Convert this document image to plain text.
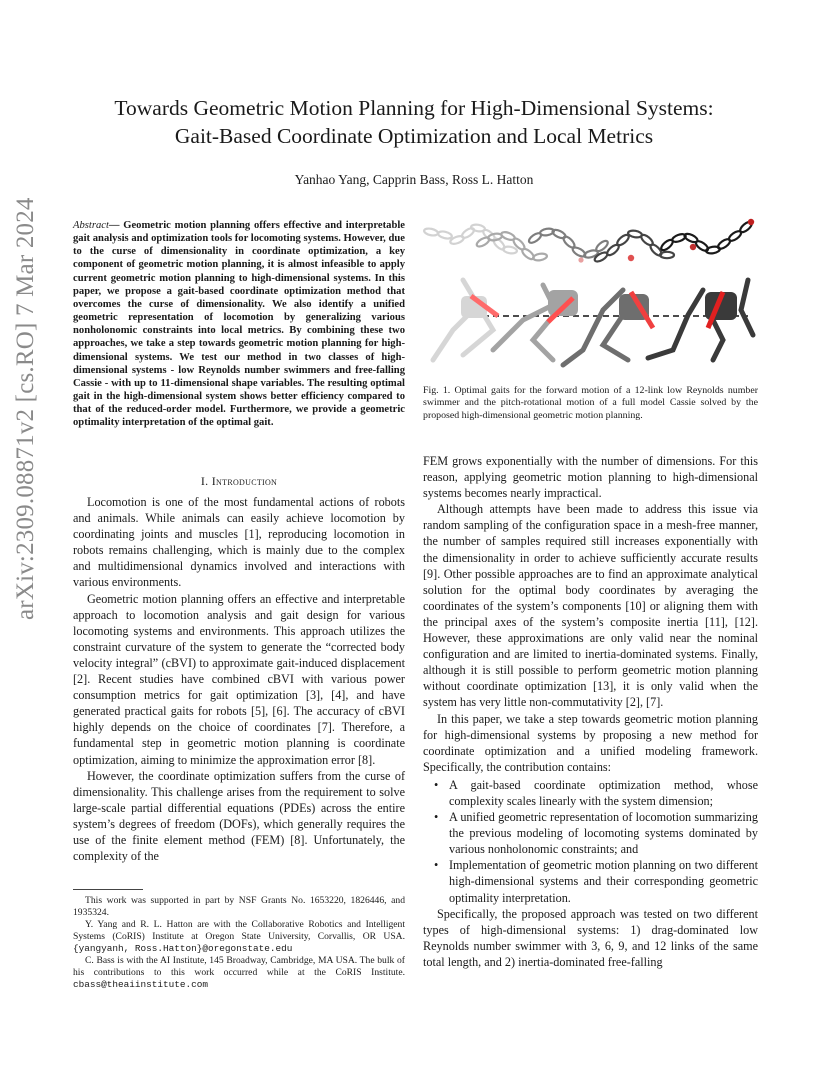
arXiv:2309.08871v2 [cs.RO] 7 Mar 2024
Towards Geometric Motion Planning for High-Dimensional Systems:
Gait-Based Coordinate Optimization and Local Metrics
Yanhao Yang, Capprin Bass, Ross L. Hatton
Abstract— Geometric motion planning offers effective and interpretable gait analysis and optimization tools for locomoting systems. However, due to the curse of dimensionality in coordinate optimization, a key component of geometric motion planning, it is almost infeasible to apply current geometric motion planning to high-dimensional systems. In this paper, we propose a gait-based coordinate optimization method that overcomes the curse of dimensionality. We also identify a unified geometric representation of locomotion by generalizing various nonholonomic constraints into local metrics. By combining these two approaches, we take a step towards geometric motion planning for high-dimensional systems. We test our method in two classes of high-dimensional systems - low Reynolds number swimmers and free-falling Cassie - with up to 11-dimensional shape variables. The resulting optimal gait in the high-dimensional system shows better efficiency compared to that of the reduced-order model. Furthermore, we provide a geometric optimality interpretation of the optimal gait.
I. Introduction

Locomotion is one of the most fundamental actions of robots and animals. While animals can easily achieve locomotion by coordinating joints and muscles [1], reproducing locomotion in robots remains challenging, which is mainly due to the complex and multidimensional dynamics involved and interactions with various environments.

Geometric motion planning offers an effective and interpretable approach to locomotion analysis and gait design for various locomoting systems and environments. This approach utilizes the constraint curvature of the system to generate the “corrected body velocity integral” (cBVI) to approximate gait-induced displacement [2]. Recent studies have combined cBVI with various power consumption metrics for gait optimization [3], [4], and have generated practical gaits for robots [5], [6]. The accuracy of cBVI highly depends on the choice of coordinates [7]. Therefore, a fundamental step in geometric motion planning is coordinate optimization, aiming to minimize the approximation error [8].

However, the coordinate optimization suffers from the curse of dimensionality. This challenge arises from the requirement to solve large-scale partial differential equations (PDEs) across the entire system’s degrees of freedom (DOFs), which generally requires the use of the finite element method (FEM) [8]. Unfortunately, the complexity of the

This work was supported in part by NSF Grants No. 1653220, 1826446, and 1935324.

Y. Yang and R. L. Hatton are with the Collaborative Robotics and Intelligent Systems (CoRIS) Institute at Oregon State University, Corvallis, OR USA. {yangyanh, Ross.Hatton}@oregonstate.edu

C. Bass is with the AI Institute, 145 Broadway, Cambridge, MA USA. The bulk of his contributions to this work occurred while at the CoRIS Institute. cbass@theaiinstitute.com

Fig. 1. Optimal gaits for the forward motion of a 12-link low Reynolds number swimmer and the pitch-rotational motion of a full model Cassie solved by the proposed high-dimensional geometric motion planning.

FEM grows exponentially with the number of dimensions. For this reason, applying geometric motion planning to high-dimensional systems becomes nearly impractical.

Although attempts have been made to address this issue via random sampling of the configuration space in a mesh-free manner, the number of samples required still increases exponentially with the dimensionality in order to achieve sufficiently accurate results [9]. Other possible approaches are to find an approximate analytical solution for the optimal body coordinates by averaging the coordinates of the system’s components [10] or aligning them with the principal axes of the system’s composite inertia [11], [12]. However, these approximations are only valid near the nominal configuration and are limited to inertia-dominated systems. Finally, although it is still possible to perform geometric motion planning without coordinate optimization [13], it is only valid when the system has very little non-commutativity [2], [7].

In this paper, we take a step towards geometric motion planning for high-dimensional systems by proposing a new method for coordinate optimization and a unified modeling framework. Specifically, the contribution contains:

• A gait-based coordinate optimization method, whose complexity scales linearly with the system dimension;
• A unified geometric representation of locomotion summarizing the previous modeling of locomoting systems dominated by various nonholonomic constraints; and
• Implementation of geometric motion planning on two different high-dimensional systems and their corresponding geometric optimality interpretation.

Specifically, the proposed approach was tested on two different types of high-dimensional systems: 1) drag-dominated low Reynolds number swimmer with 3, 6, 9, and 12 links of the same total length, and 2) inertia-dominated free-falling
